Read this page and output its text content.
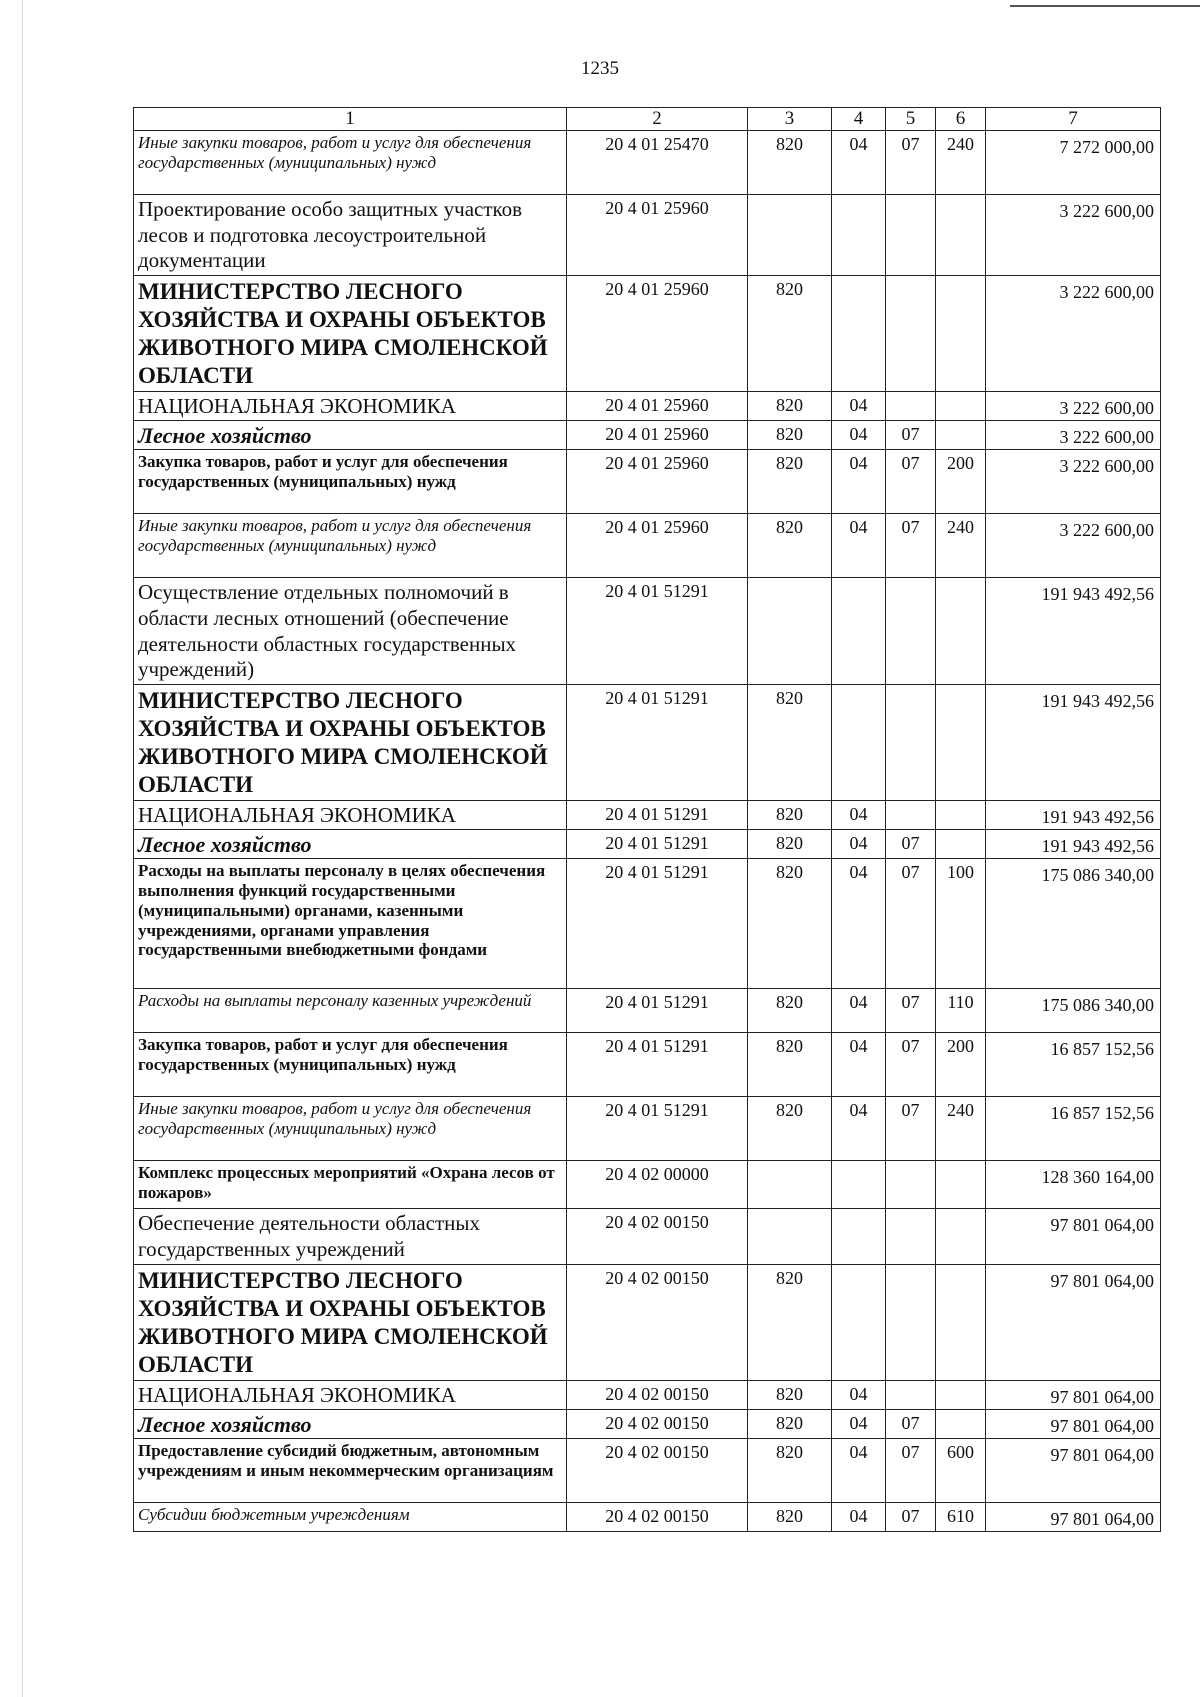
1235
1	2	3	4	5	6	7
Иные закупки товаров, работ и услуг для обеспечения государственных (муниципальных) нужд	20 4 01 25470	820	04	07	240	7 272 000,00
Проектирование особо защитных участков лесов и подготовка лесоустроительной документации	20 4 01 25960					3 222 600,00
МИНИСТЕРСТВО ЛЕСНОГО ХОЗЯЙСТВА И ОХРАНЫ ОБЪЕКТОВ ЖИВОТНОГО МИРА СМОЛЕНСКОЙ ОБЛАСТИ	20 4 01 25960	820				3 222 600,00
НАЦИОНАЛЬНАЯ ЭКОНОМИКА	20 4 01 25960	820	04			3 222 600,00
Лесное хозяйство	20 4 01 25960	820	04	07		3 222 600,00
Закупка товаров, работ и услуг для обеспечения государственных (муниципальных) нужд	20 4 01 25960	820	04	07	200	3 222 600,00
Иные закупки товаров, работ и услуг для обеспечения государственных (муниципальных) нужд	20 4 01 25960	820	04	07	240	3 222 600,00
Осуществление отдельных полномочий в области лесных отношений (обеспечение деятельности областных государственных учреждений)	20 4 01 51291					191 943 492,56
МИНИСТЕРСТВО ЛЕСНОГО ХОЗЯЙСТВА И ОХРАНЫ ОБЪЕКТОВ ЖИВОТНОГО МИРА СМОЛЕНСКОЙ ОБЛАСТИ	20 4 01 51291	820				191 943 492,56
НАЦИОНАЛЬНАЯ ЭКОНОМИКА	20 4 01 51291	820	04			191 943 492,56
Лесное хозяйство	20 4 01 51291	820	04	07		191 943 492,56
Расходы на выплаты персоналу в целях обеспечения выполнения функций государственными (муниципальными) органами, казенными учреждениями, органами управления государственными внебюджетными фондами	20 4 01 51291	820	04	07	100	175 086 340,00
Расходы на выплаты персоналу казенных учреждений	20 4 01 51291	820	04	07	110	175 086 340,00
Закупка товаров, работ и услуг для обеспечения государственных (муниципальных) нужд	20 4 01 51291	820	04	07	200	16 857 152,56
Иные закупки товаров, работ и услуг для обеспечения государственных (муниципальных) нужд	20 4 01 51291	820	04	07	240	16 857 152,56
Комплекс процессных мероприятий «Охрана лесов от пожаров»	20 4 02 00000					128 360 164,00
Обеспечение деятельности областных государственных учреждений	20 4 02 00150					97 801 064,00
МИНИСТЕРСТВО ЛЕСНОГО ХОЗЯЙСТВА И ОХРАНЫ ОБЪЕКТОВ ЖИВОТНОГО МИРА СМОЛЕНСКОЙ ОБЛАСТИ	20 4 02 00150	820				97 801 064,00
НАЦИОНАЛЬНАЯ ЭКОНОМИКА	20 4 02 00150	820	04			97 801 064,00
Лесное хозяйство	20 4 02 00150	820	04	07		97 801 064,00
Предоставление субсидий бюджетным, автономным учреждениям и иным некоммерческим организациям	20 4 02 00150	820	04	07	600	97 801 064,00
Субсидии бюджетным учреждениям	20 4 02 00150	820	04	07	610	97 801 064,00
